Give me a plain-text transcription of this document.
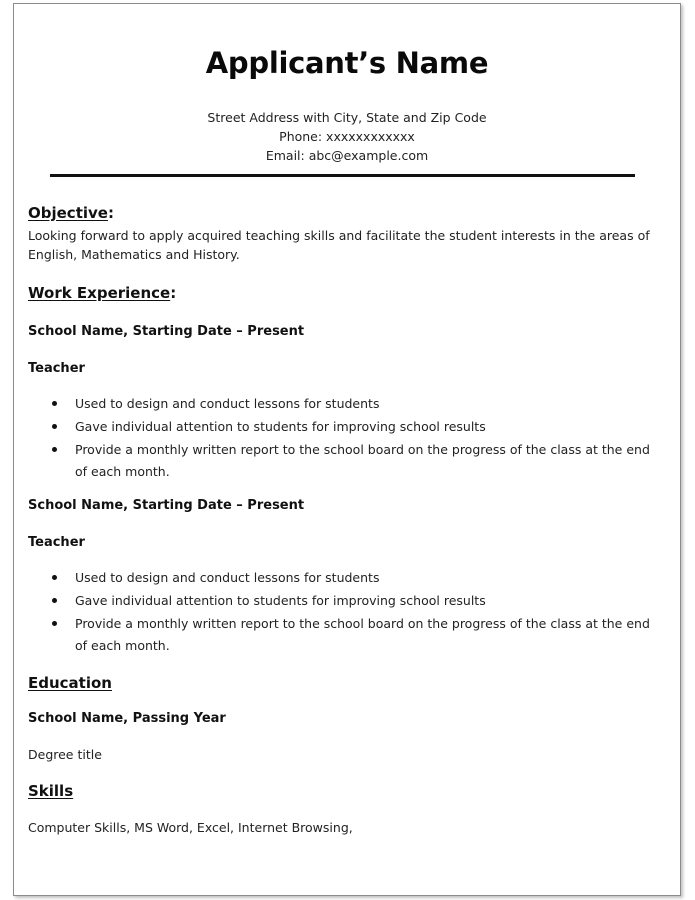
Applicant’s Name
Street Address with City, State and Zip Code
Phone: xxxxxxxxxxxx
Email: abc@example.com
Objective:
Looking forward to apply acquired teaching skills and facilitate the student interests in the areas of
English, Mathematics and History.
Work Experience:
School Name, Starting Date – Present
Teacher
Used to design and conduct lessons for students
Gave individual attention to students for improving school results
Provide a monthly written report to the school board on the progress of the class at the end
of each month.
School Name, Starting Date – Present
Teacher
Used to design and conduct lessons for students
Gave individual attention to students for improving school results
Provide a monthly written report to the school board on the progress of the class at the end
of each month.
Education
School Name, Passing Year
Degree title
Skills
Computer Skills, MS Word, Excel, Internet Browsing,
